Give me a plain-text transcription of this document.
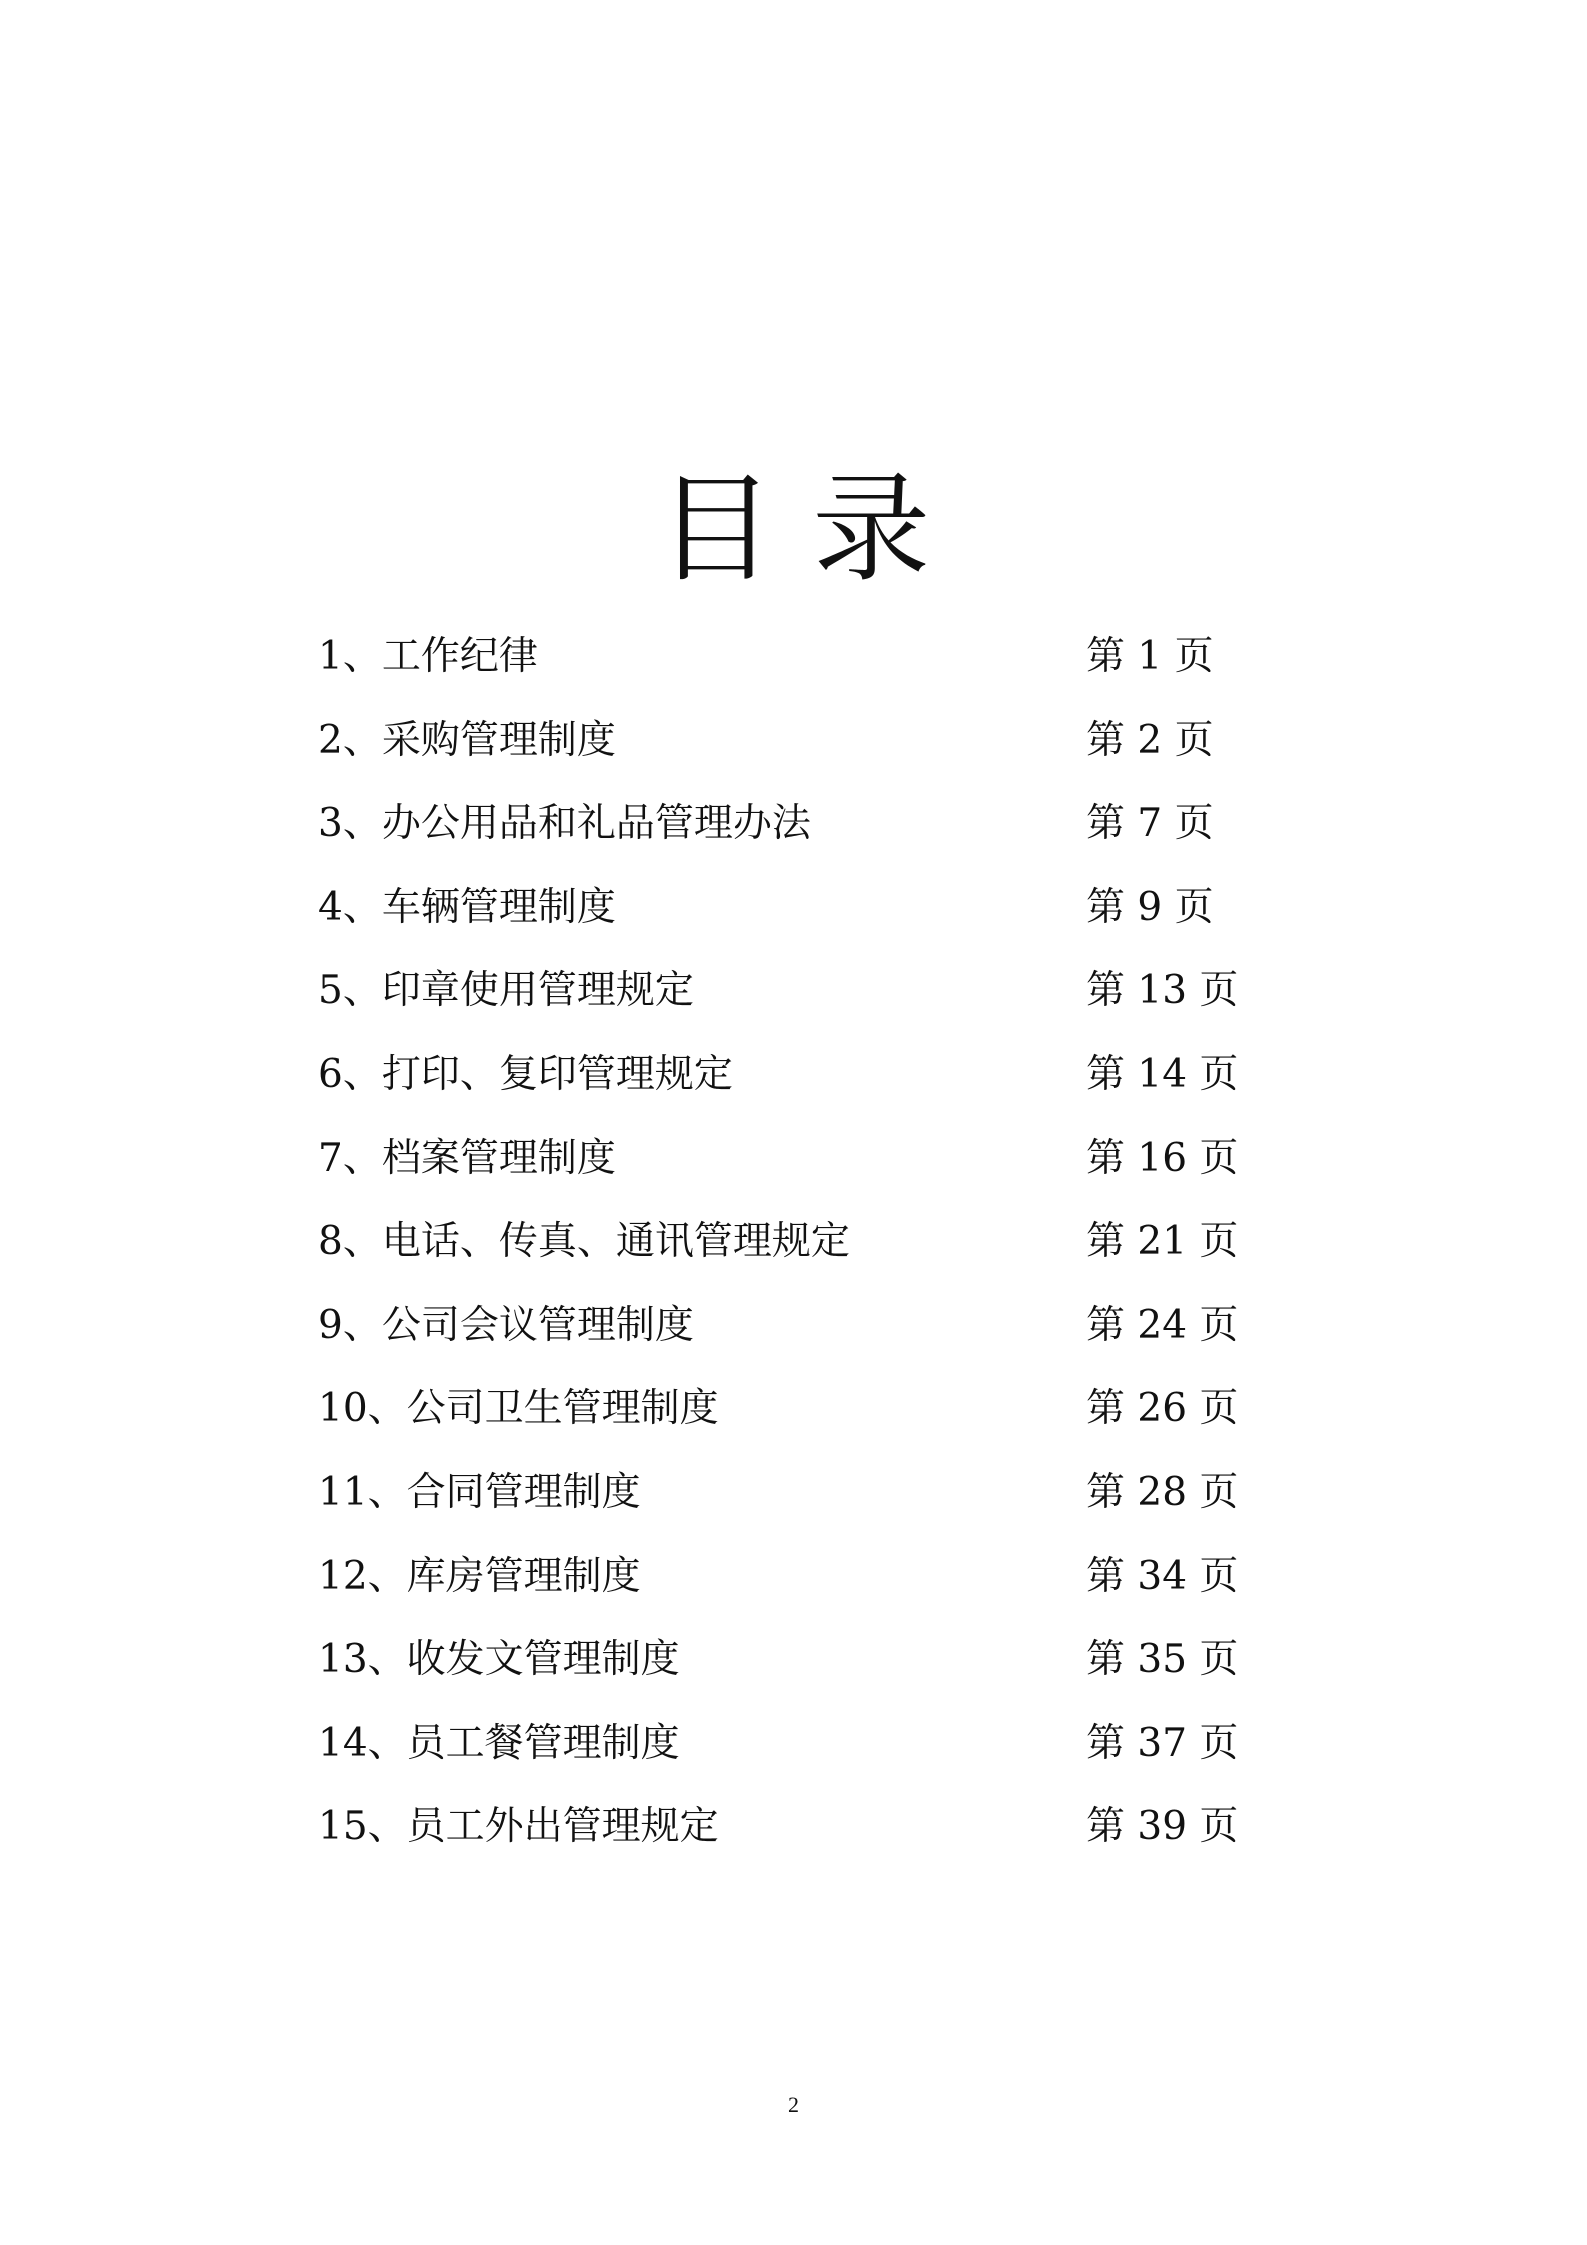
目 录
1、工作纪律	第 1 页
2、采购管理制度	第 2 页
3、办公用品和礼品管理办法	第 7 页
4、车辆管理制度	第 9 页
5、印章使用管理规定	第 13 页
6、打印、复印管理规定	第 14 页
7、档案管理制度	第 16 页
8、电话、传真、通讯管理规定	第 21 页
9、公司会议管理制度	第 24 页
10、公司卫生管理制度	第 26 页
11、合同管理制度	第 28 页
12、库房管理制度	第 34 页
13、收发文管理制度	第 35 页
14、员工餐管理制度	第 37 页
15、员工外出管理规定	第 39 页
2
